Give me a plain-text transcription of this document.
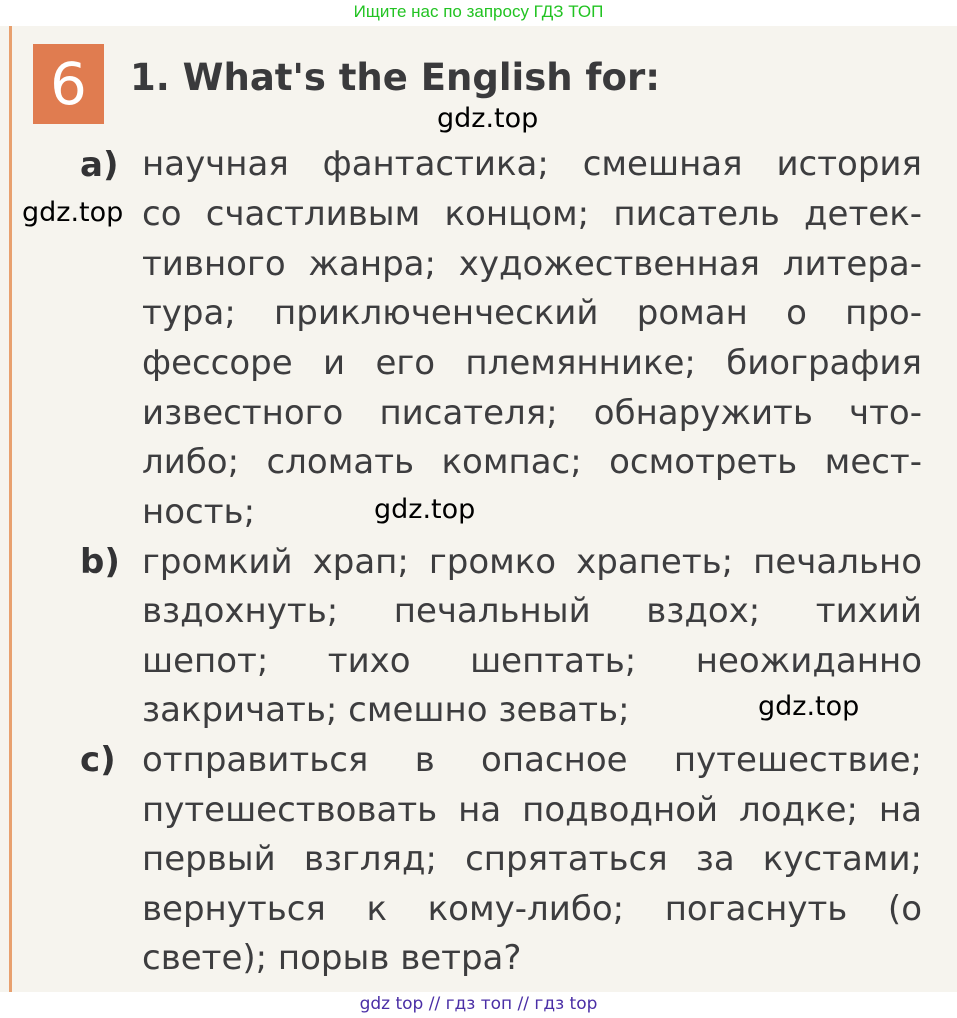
Ищите нас по запросу ГДЗ ТОП
6	1. What's the English for:
a) научная фантастика; смешная история
со счастливым концом; писатель детек-
тивного жанра; художественная литера-
тура; приключенческий роман о про-
фессоре и его племяннике; биография
известного писателя; обнаружить что-
либо; сломать компас; осмотреть мест-
ность;
b) громкий храп; громко храпеть; печально
вздохнуть; печальный вздох; тихий
шепот; тихо шептать; неожиданно
закричать; смешно зевать;
c) отправиться в опасное путешествие;
путешествовать на подводной лодке; на
первый взгляд; спрятаться за кустами;
вернуться к кому-либо; погаснуть (о
свете); порыв ветра?
gdz.top
gdz.top
gdz.top
gdz.top
gdz top // гдз топ // гдз top
